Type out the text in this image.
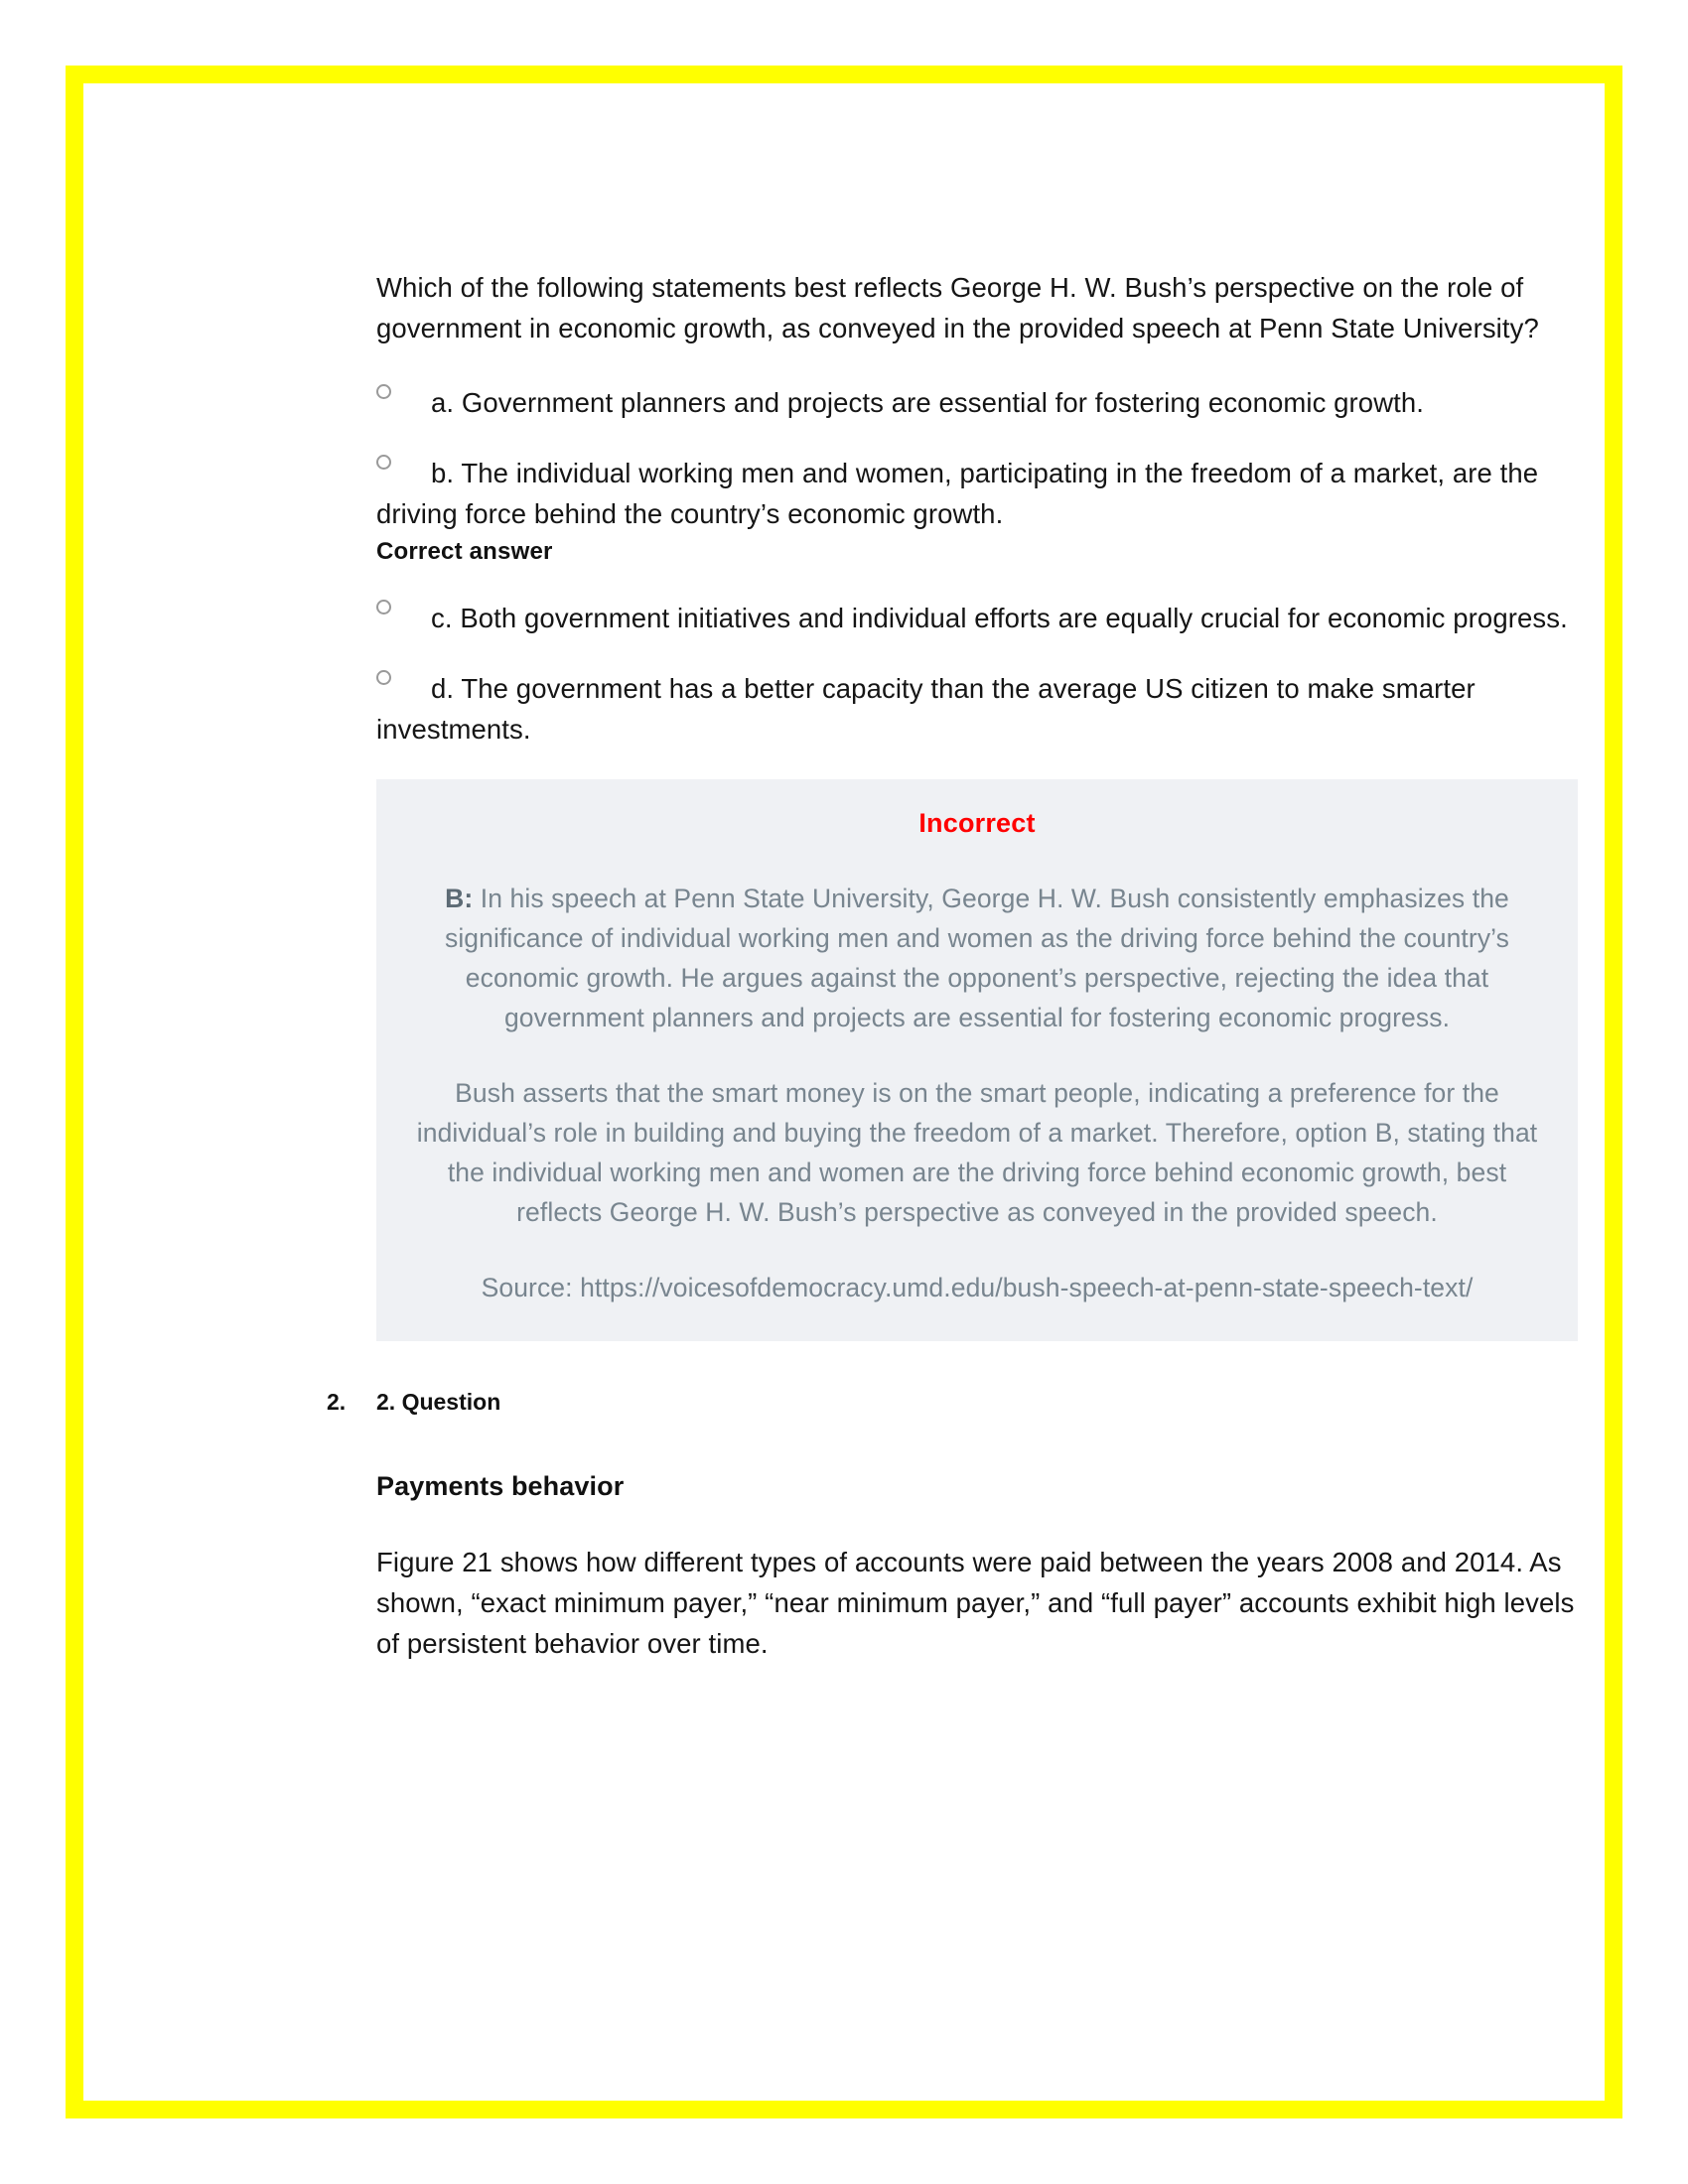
Which of the following statements best reflects George H. W. Bush’s perspective on the role of government in economic growth, as conveyed in the provided speech at Penn State University?

a. Government planners and projects are essential for fostering economic growth.
b. The individual working men and women, participating in the freedom of a market, are the driving force behind the country’s economic growth.
Correct answer
c. Both government initiatives and individual efforts are equally crucial for economic progress.
d. The government has a better capacity than the average US citizen to make smarter investments.
Incorrect

B: In his speech at Penn State University, George H. W. Bush consistently emphasizes the significance of individual working men and women as the driving force behind the country’s economic growth. He argues against the opponent’s perspective, rejecting the idea that government planners and projects are essential for fostering economic progress.

Bush asserts that the smart money is on the smart people, indicating a preference for the individual’s role in building and buying the freedom of a market. Therefore, option B, stating that the individual working men and women are the driving force behind economic growth, best reflects George H. W. Bush’s perspective as conveyed in the provided speech.

Source: https://voicesofdemocracy.umd.edu/bush-speech-at-penn-state-speech-text/

2. 2. Question

Payments behavior

Figure 21 shows how different types of accounts were paid between the years 2008 and 2014. As shown, “exact minimum payer,” “near minimum payer,” and “full payer” accounts exhibit high levels of persistent behavior over time.
